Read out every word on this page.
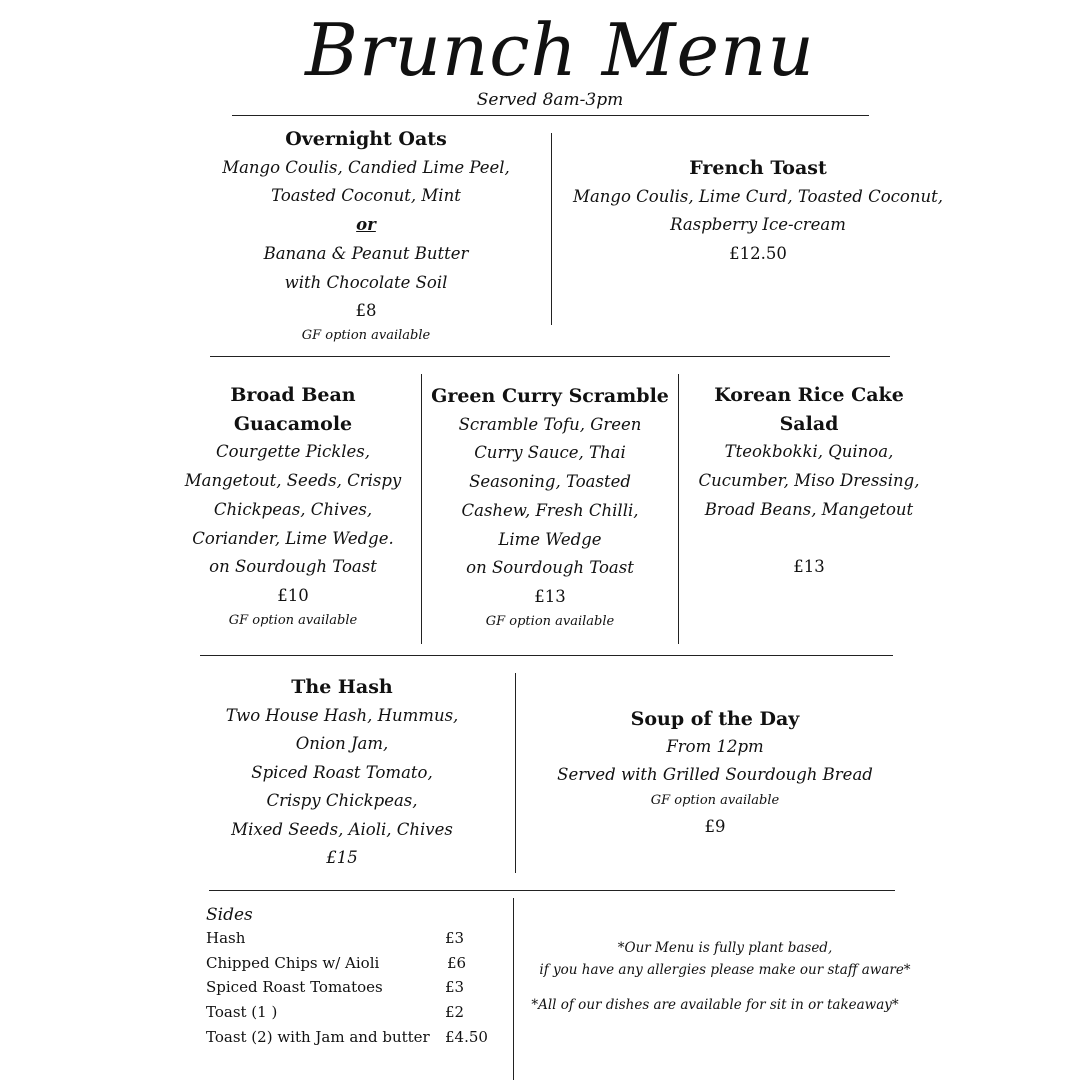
Brunch Menu
Served 8am-3pm
Overnight Oats
Mango Coulis, Candied Lime Peel,
Toasted Coconut, Mint
or
Banana & Peanut Butter
with Chocolate Soil
£8
GF option available
French Toast
Mango Coulis, Lime Curd, Toasted Coconut,
Raspberry Ice-cream
£12.50
Broad Bean Guacamole
Courgette Pickles,
Mangetout, Seeds, Crispy
Chickpeas, Chives,
Coriander, Lime Wedge.
on Sourdough Toast
£10
GF option available
Green Curry Scramble
Scramble Tofu, Green
Curry Sauce, Thai
Seasoning, Toasted
Cashew, Fresh Chilli,
Lime Wedge
on Sourdough Toast
£13
GF option available
Korean Rice Cake Salad
Tteokbokki, Quinoa,
Cucumber, Miso Dressing,
Broad Beans, Mangetout
£13
The Hash
Two House Hash, Hummus,
Onion Jam,
Spiced Roast Tomato,
Crispy Chickpeas,
Mixed Seeds, Aioli, Chives
£15
Soup of the Day
From 12pm
Served with Grilled Sourdough Bread
GF option available
£9
Sides
Hash	£3
Chipped Chips w/ Aioli	£6
Spiced Roast Tomatoes	£3
Toast (1 )	£2
Toast (2) with Jam and butter £4.50
*Our Menu is fully plant based,
if you have any allergies please make our staff aware*
*All of our dishes are available for sit in or takeaway*
